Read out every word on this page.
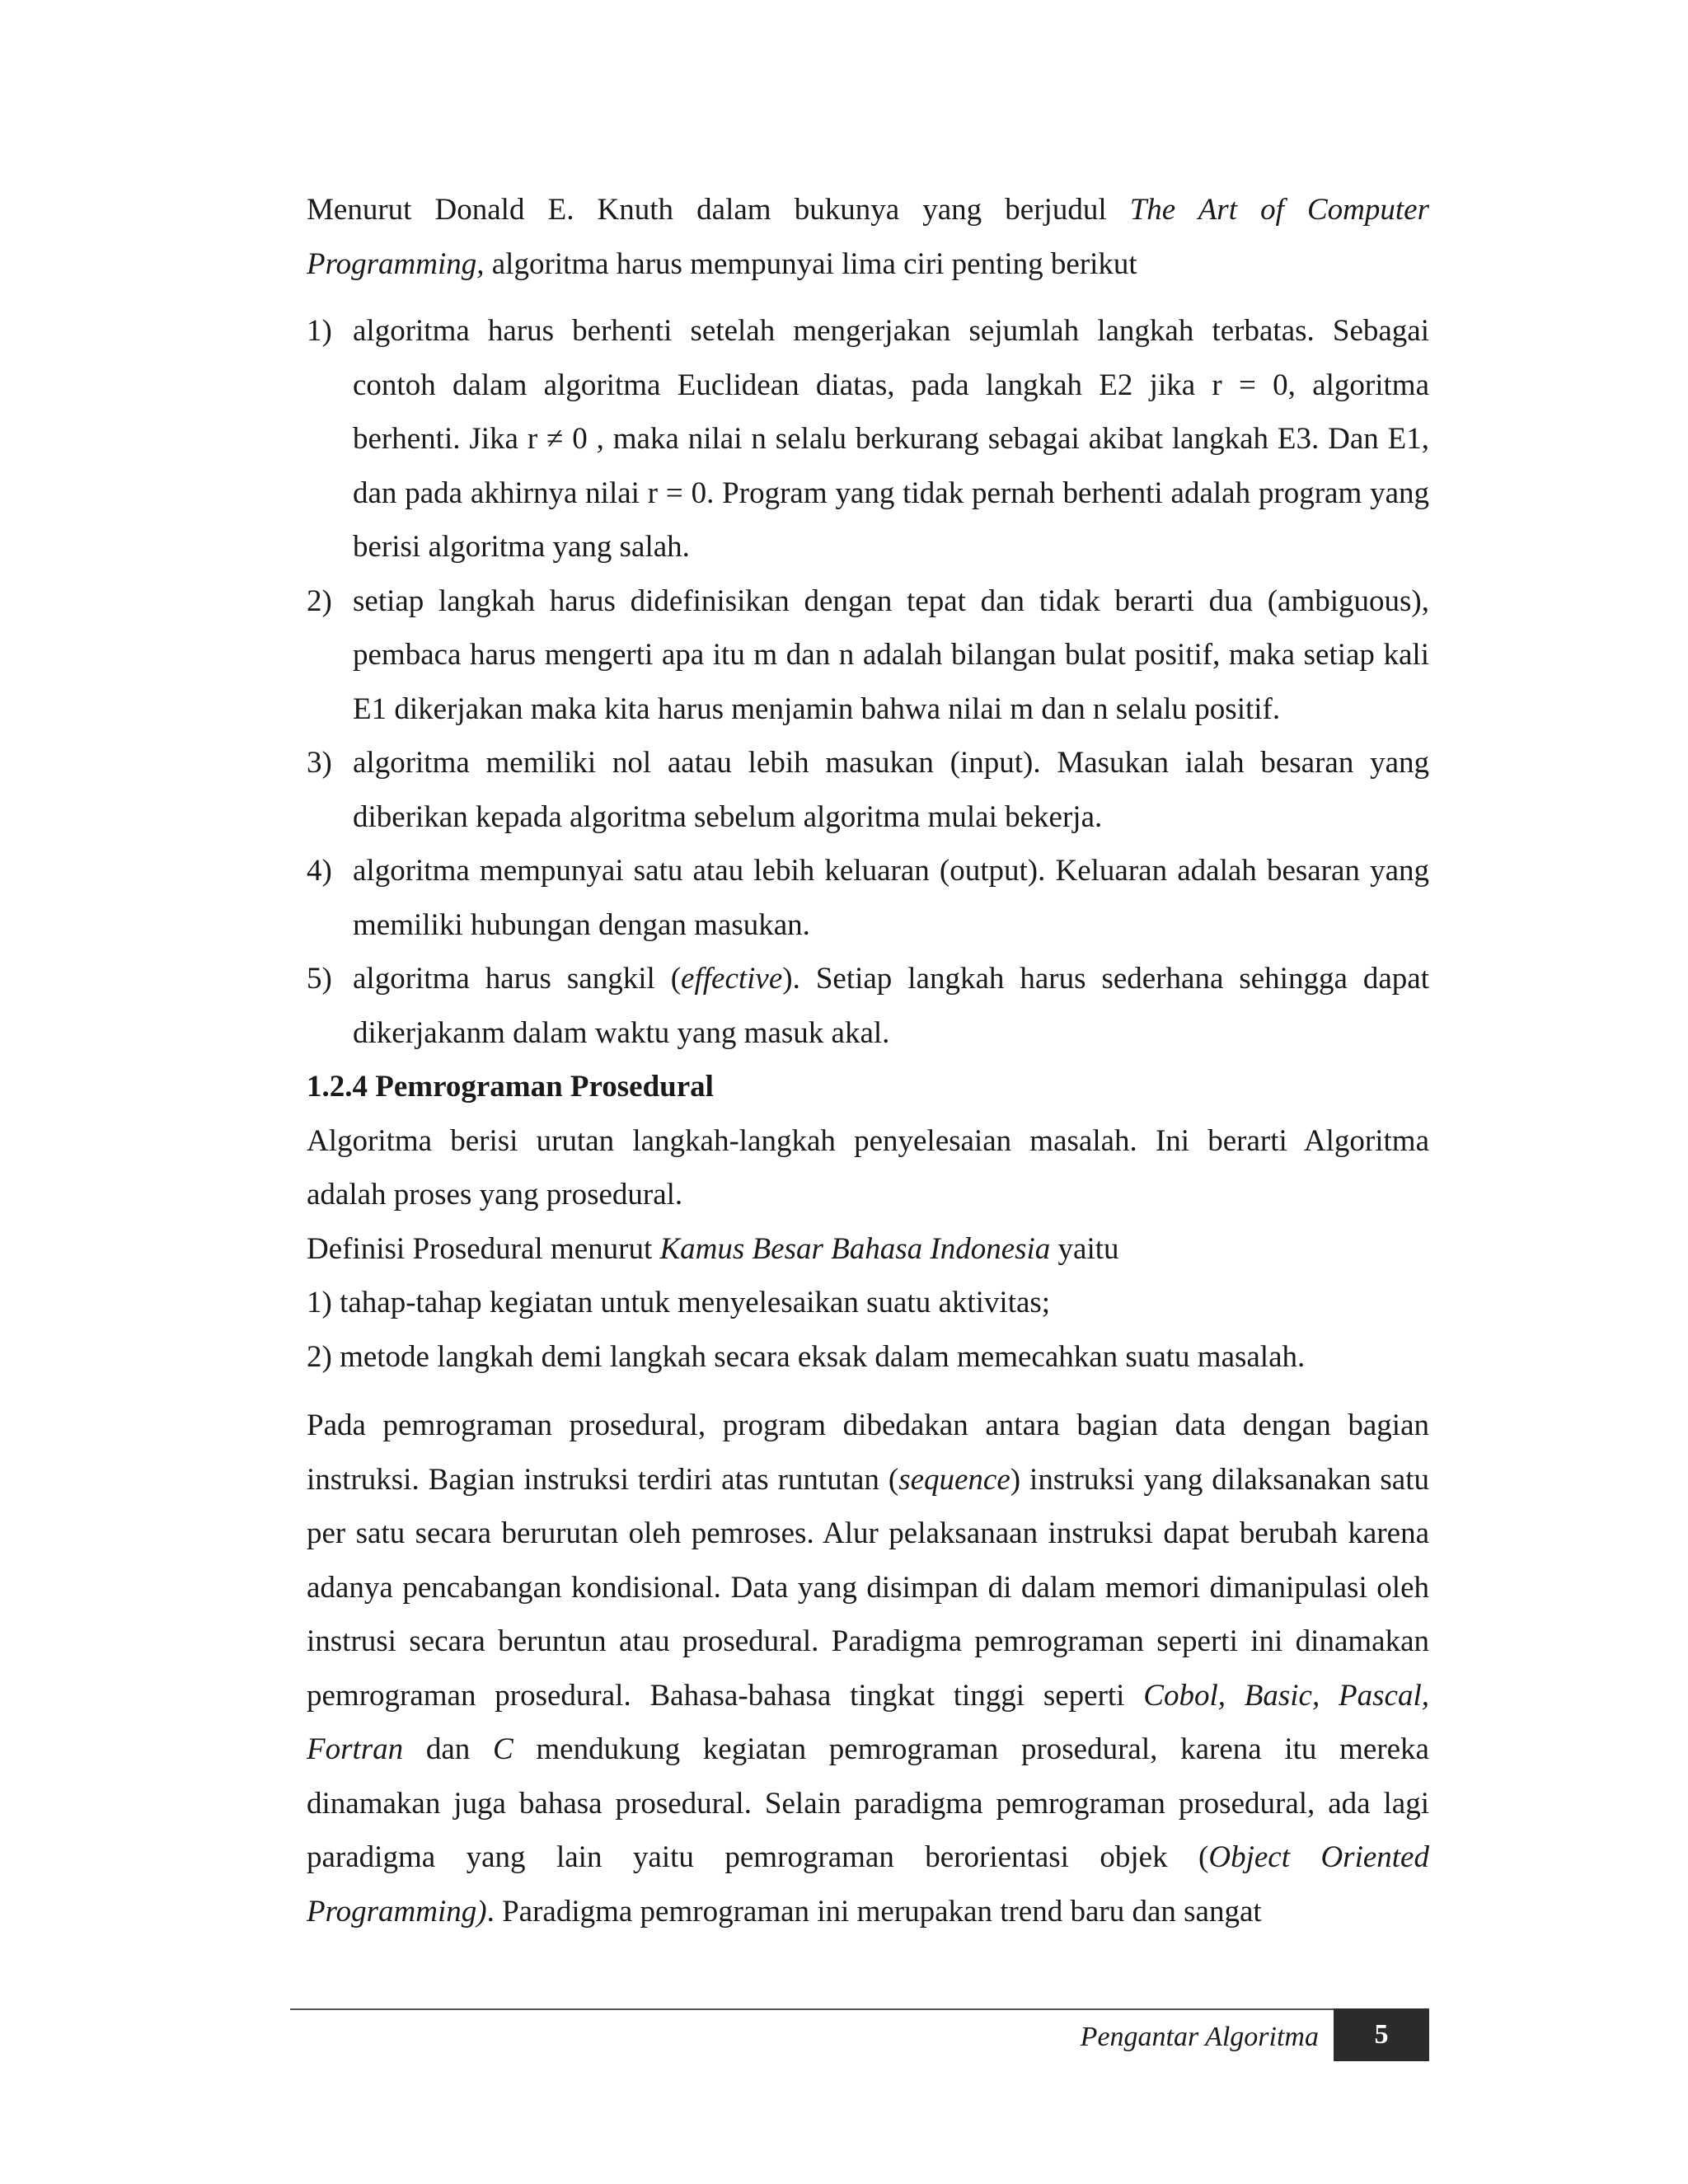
Menurut Donald E. Knuth dalam bukunya yang berjudul The Art of Computer Programming, algoritma harus mempunyai lima ciri penting berikut

1) algoritma harus berhenti setelah mengerjakan sejumlah langkah terbatas. Sebagai contoh dalam algoritma Euclidean diatas, pada langkah E2 jika r = 0, algoritma berhenti. Jika r ≠ 0 , maka nilai n selalu berkurang sebagai akibat langkah E3. Dan E1, dan pada akhirnya nilai r = 0. Program yang tidak pernah berhenti adalah program yang berisi algoritma yang salah.
2) setiap langkah harus didefinisikan dengan tepat dan tidak berarti dua (ambiguous), pembaca harus mengerti apa itu m dan n adalah bilangan bulat positif, maka setiap kali E1 dikerjakan maka kita harus menjamin bahwa nilai m dan n selalu positif.
3) algoritma memiliki nol aatau lebih masukan (input). Masukan ialah besaran yang diberikan kepada algoritma sebelum algoritma mulai bekerja.
4) algoritma mempunyai satu atau lebih keluaran (output). Keluaran adalah besaran yang memiliki hubungan dengan masukan.
5) algoritma harus sangkil (effective). Setiap langkah harus sederhana sehingga dapat dikerjakanm dalam waktu yang masuk akal.
1.2.4 Pemrograman Prosedural

Algoritma berisi urutan langkah-langkah penyelesaian masalah. Ini berarti Algoritma adalah proses yang prosedural.

Definisi Prosedural menurut Kamus Besar Bahasa Indonesia yaitu

1) tahap-tahap kegiatan untuk menyelesaikan suatu aktivitas;

2) metode langkah demi langkah secara eksak dalam memecahkan suatu masalah.

Pada pemrograman prosedural, program dibedakan antara bagian data dengan bagian instruksi. Bagian instruksi terdiri atas runtutan (sequence) instruksi yang dilaksanakan satu per satu secara berurutan oleh pemroses. Alur pelaksanaan instruksi dapat berubah karena adanya pencabangan kondisional. Data yang disimpan di dalam memori dimanipulasi oleh instrusi secara beruntun atau prosedural. Paradigma pemrograman seperti ini dinamakan pemrograman prosedural. Bahasa-bahasa tingkat tinggi seperti Cobol, Basic, Pascal, Fortran dan C mendukung kegiatan pemrograman prosedural, karena itu mereka dinamakan juga bahasa prosedural. Selain paradigma pemrograman prosedural, ada lagi paradigma yang lain yaitu pemrograman berorientasi objek (Object Oriented Programming). Paradigma pemrograman ini merupakan trend baru dan sangat

Pengantar Algoritma	5
